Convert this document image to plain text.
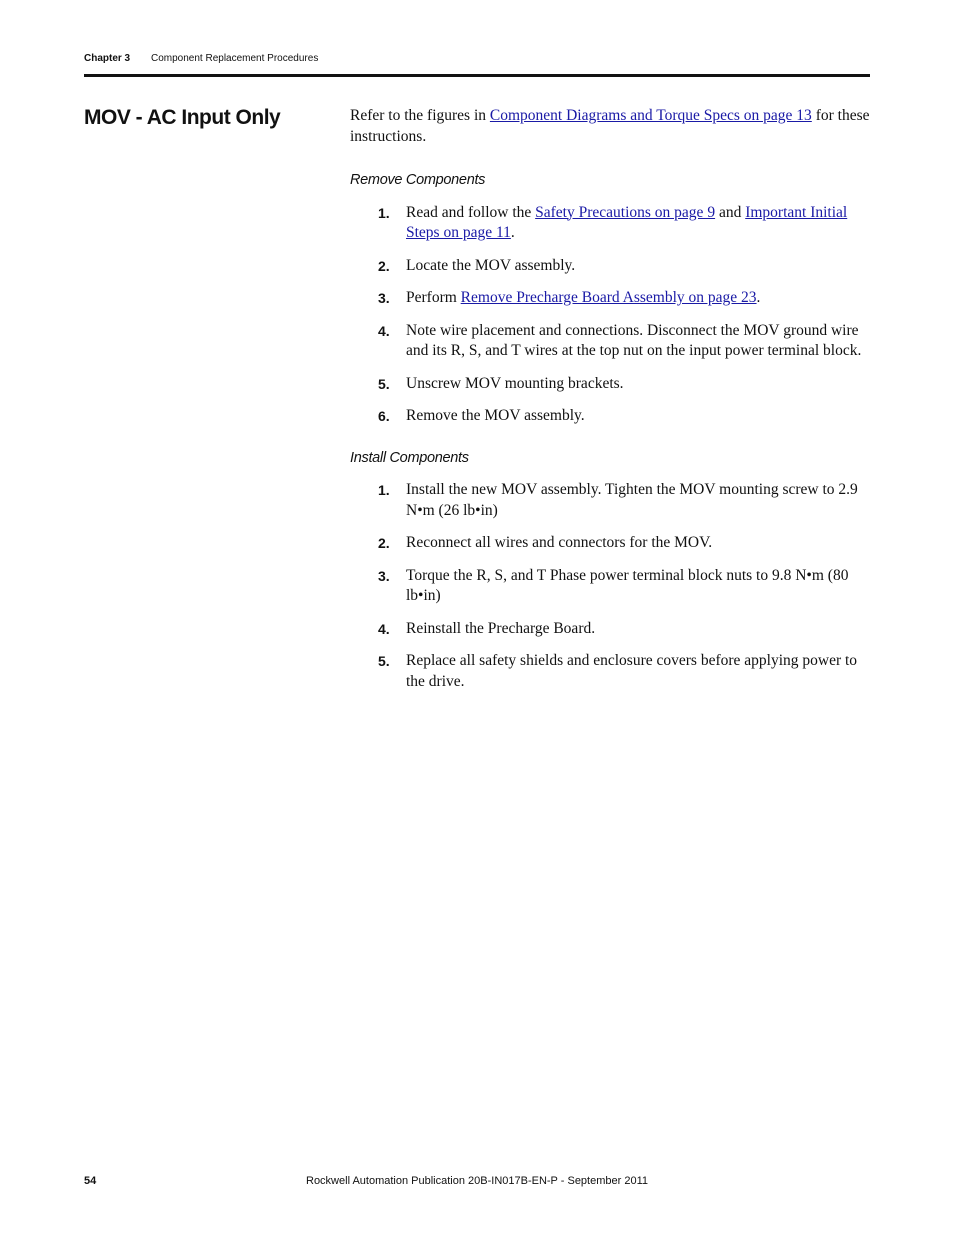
Chapter 3 Component Replacement Procedures
MOV - AC Input Only	Refer to the figures in Component Diagrams and Torque Specs on page 13 for these instructions.

Remove Components

1. Read and follow the Safety Precautions on page 9 and Important Initial Steps on page 11.
2. Locate the MOV assembly.
3. Perform Remove Precharge Board Assembly on page 23.
4. Note wire placement and connections. Disconnect the MOV ground wire and its R, S, and T wires at the top nut on the input power terminal block.
5. Unscrew MOV mounting brackets.
6. Remove the MOV assembly.

Install Components

1. Install the new MOV assembly. Tighten the MOV mounting screw to 2.9 N•m (26 lb•in)
2. Reconnect all wires and connectors for the MOV.
3. Torque the R, S, and T Phase power terminal block nuts to 9.8 N•m (80 lb•in)
4. Reinstall the Precharge Board.
5. Replace all safety shields and enclosure covers before applying power to the drive.
54	Rockwell Automation Publication 20B-IN017B-EN-P - September 2011
